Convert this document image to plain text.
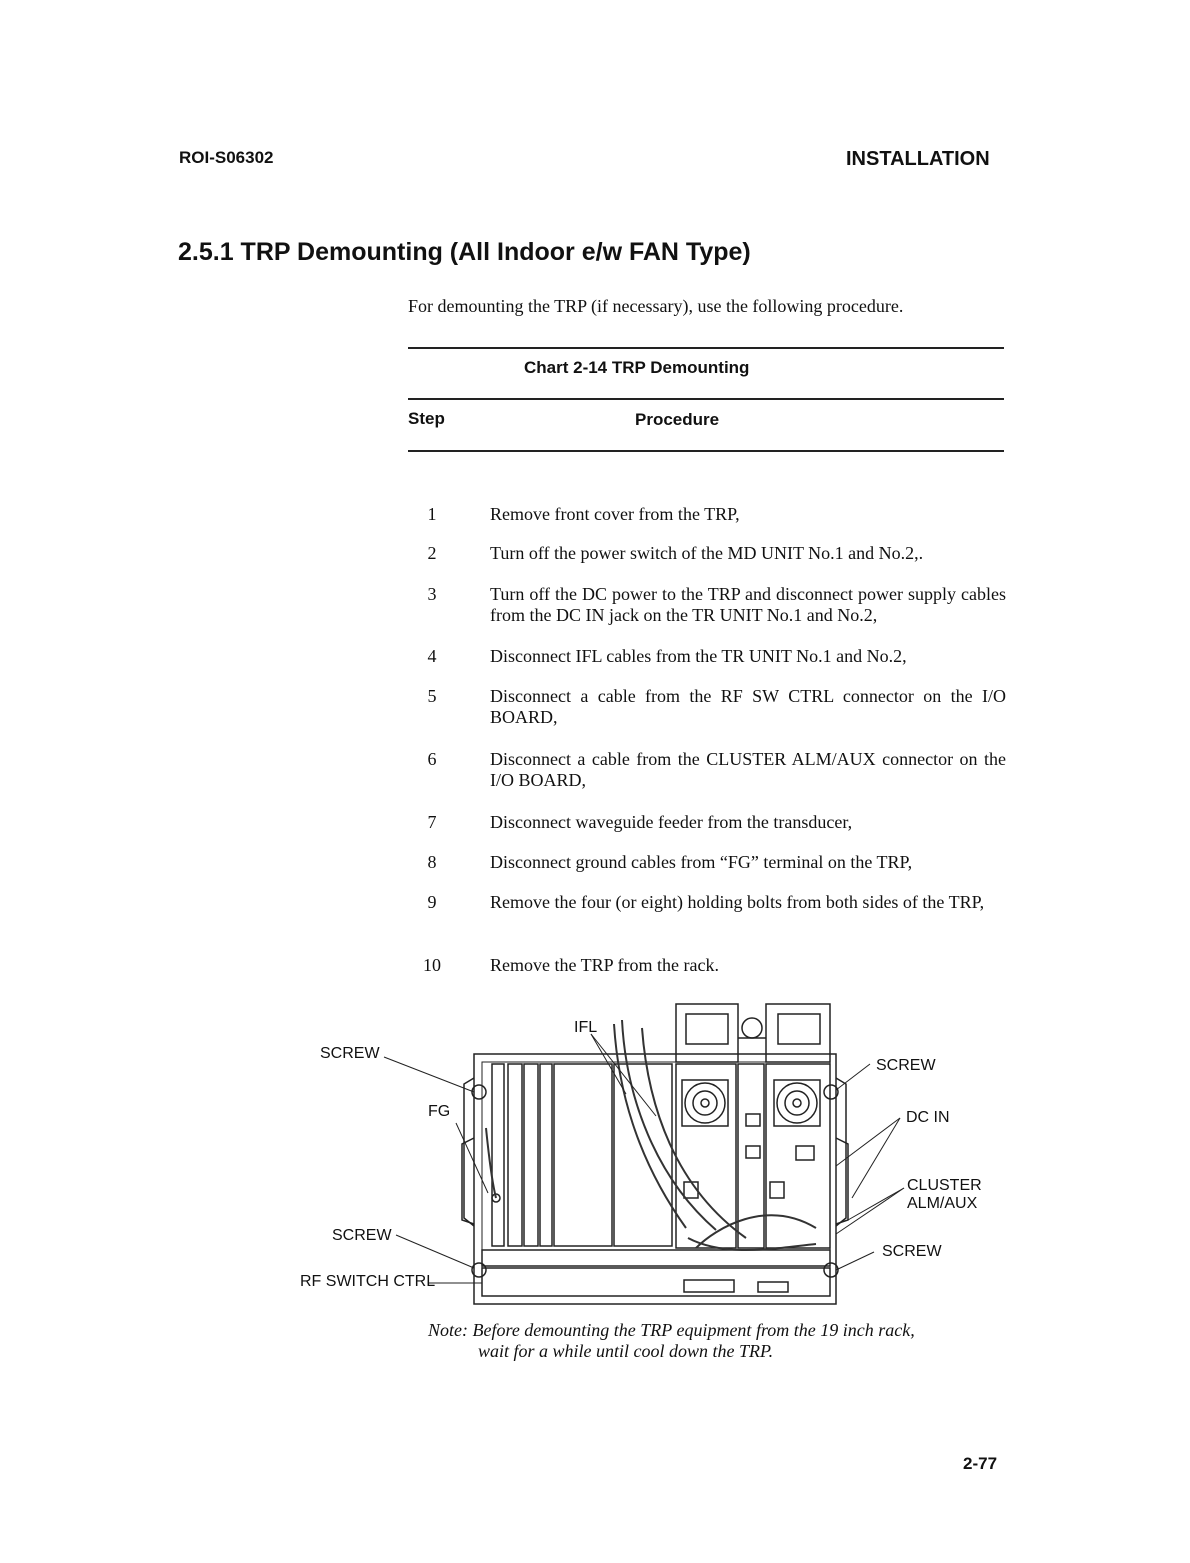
ROI-S06302	INSTALLATION
2.5.1 TRP Demounting (All Indoor e/w FAN Type)
For demounting the TRP (if necessary), use the following procedure.
Chart 2-14 TRP Demounting
Step	Procedure
1	Remove front cover from the TRP,
2	Turn off the power switch of the MD UNIT No.1 and No.2,.
3	Turn off the DC power to the TRP and disconnect power supply cables from the DC IN jack on the TR UNIT No.1 and No.2,
4	Disconnect IFL cables from the TR UNIT No.1 and No.2,
5	Disconnect a cable from the RF SW CTRL connector on the I/O BOARD,
6	Disconnect a cable from the CLUSTER ALM/AUX connector on the I/O BOARD,
7	Disconnect waveguide feeder from the transducer,
8	Disconnect ground cables from “FG” terminal on the TRP,
9	Remove the four (or eight) holding bolts from both sides of the TRP,
10	Remove the TRP from the rack.
IFL
SCREW
FG
SCREW
RF SWITCH CTRL
SCREW
DC IN
CLUSTER
ALM/AUX
SCREW
Note: Before demounting the TRP equipment from the 19 inch rack,
wait for a while until cool down the TRP.
2-77
